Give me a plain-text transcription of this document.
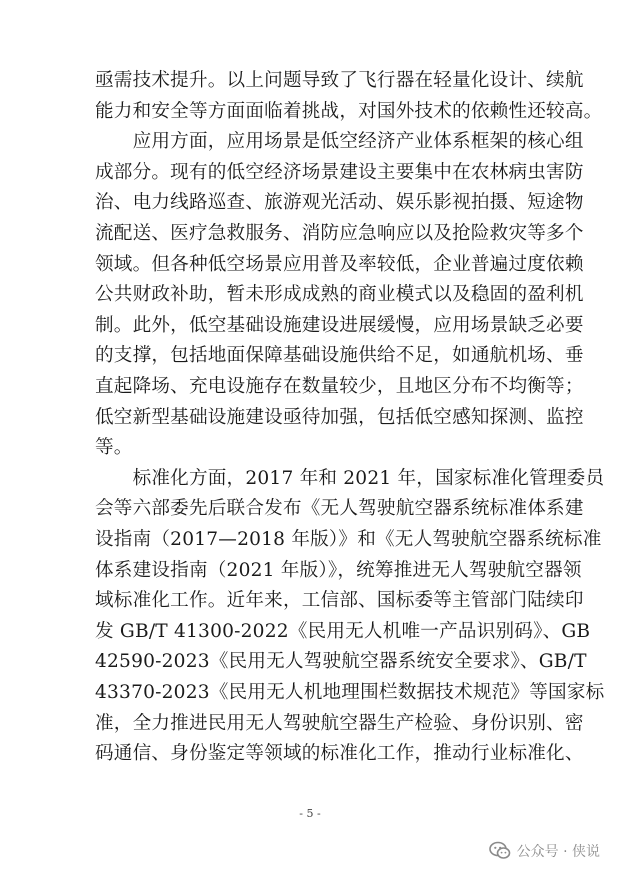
亟需技术提升。以上问题导致了飞行器在轻量化设计、续航
能力和安全等方面面临着挑战，对国外技术的依赖性还较高。
　　应用方面，应用场景是低空经济产业体系框架的核心组
成部分。现有的低空经济场景建设主要集中在农林病虫害防
治、电力线路巡查、旅游观光活动、娱乐影视拍摄、短途物
流配送、医疗急救服务、消防应急响应以及抢险救灾等多个
领域。但各种低空场景应用普及率较低，企业普遍过度依赖
公共财政补助，暂未形成成熟的商业模式以及稳固的盈利机
制。此外，低空基础设施建设进展缓慢，应用场景缺乏必要
的支撑，包括地面保障基础设施供给不足，如通航机场、垂
直起降场、充电设施存在数量较少，且地区分布不均衡等；
低空新型基础设施建设亟待加强，包括低空感知探测、监控
等。
　　标准化方面，2017 年和 2021 年，国家标准化管理委员
会等六部委先后联合发布《无人驾驶航空器系统标准体系建
设指南（2017—2018 年版）》和《无人驾驶航空器系统标准
体系建设指南（2021 年版）》，统筹推进无人驾驶航空器领
域标准化工作。近年来，工信部、国标委等主管部门陆续印
发 GB/T 41300-2022《民用无人机唯一产品识别码》、GB
42590-2023《民用无人驾驶航空器系统安全要求》、GB/T
43370-2023《民用无人机地理围栏数据技术规范》等国家标
准，全力推进民用无人驾驶航空器生产检验、身份识别、密
码通信、身份鉴定等领域的标准化工作，推动行业标准化、
- 5 -
公众号 · 侠说
